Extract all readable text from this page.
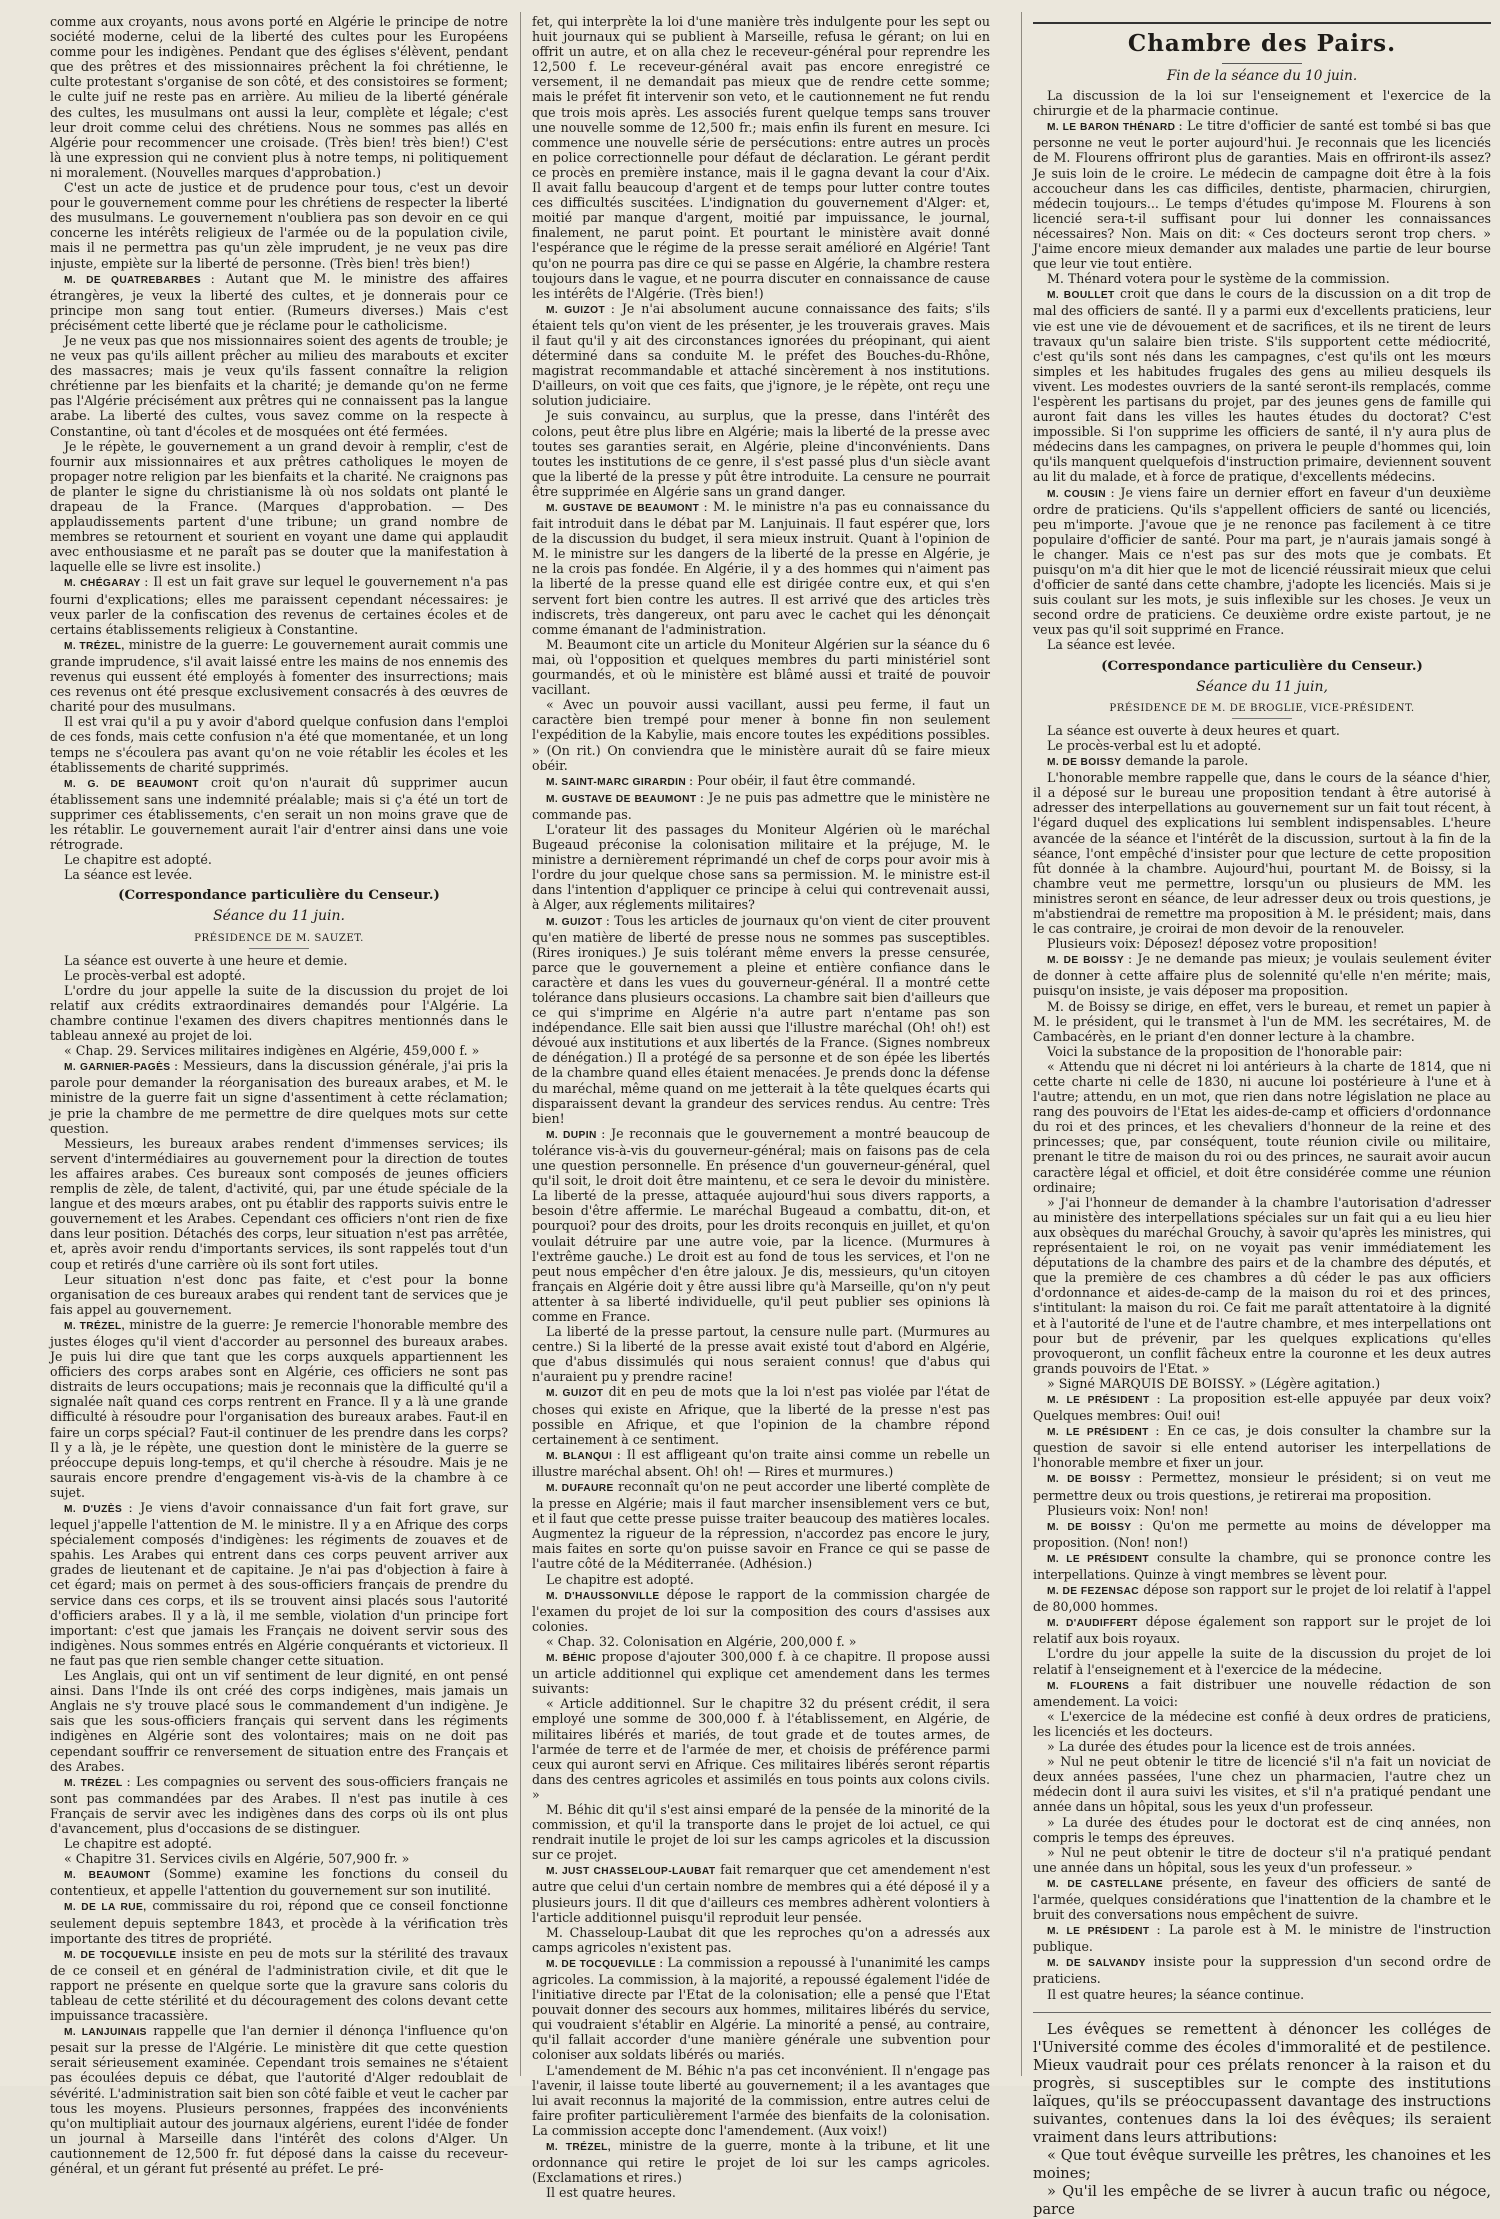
comme aux croyants, nous avons porté en Algérie le principe de notre société moderne, celui de la liberté des cultes pour les Européens comme pour les indigènes. Pendant que des églises s'élèvent, pendant que des prêtres et des missionnaires prêchent la foi chrétienne, le culte protestant s'organise de son côté, et des consistoires se forment; le culte juif ne reste pas en arrière. Au milieu de la liberté générale des cultes, les musulmans ont aussi la leur, complète et légale; c'est leur droit comme celui des chrétiens. Nous ne sommes pas allés en Algérie pour recommencer une croisade. (Très bien! très bien!) C'est là une expression qui ne convient plus à notre temps, ni politiquement ni moralement. (Nouvelles marques d'approbation.)

C'est un acte de justice et de prudence pour tous, c'est un devoir pour le gouvernement comme pour les chrétiens de respecter la liberté des musulmans. Le gouvernement n'oubliera pas son devoir en ce qui concerne les intérêts religieux de l'armée ou de la population civile, mais il ne permettra pas qu'un zèle imprudent, je ne veux pas dire injuste, empiète sur la liberté de personne. (Très bien! très bien!)

M. DE QUATREBARBES : Autant que M. le ministre des affaires étrangères, je veux la liberté des cultes, et je donnerais pour ce principe mon sang tout entier. (Rumeurs diverses.) Mais c'est précisément cette liberté que je réclame pour le catholicisme.

Je ne veux pas que nos missionnaires soient des agents de trouble; je ne veux pas qu'ils aillent prêcher au milieu des marabouts et exciter des massacres; mais je veux qu'ils fassent connaître la religion chrétienne par les bienfaits et la charité; je demande qu'on ne ferme pas l'Algérie précisément aux prêtres qui ne connaissent pas la langue arabe. La liberté des cultes, vous savez comme on la respecte à Constantine, où tant d'écoles et de mosquées ont été fermées.

Je le répète, le gouvernement a un grand devoir à remplir, c'est de fournir aux missionnaires et aux prêtres catholiques le moyen de propager notre religion par les bienfaits et la charité. Ne craignons pas de planter le signe du christianisme là où nos soldats ont planté le drapeau de la France. (Marques d'approbation. — Des applaudissements partent d'une tribune; un grand nombre de membres se retournent et sourient en voyant une dame qui applaudit avec enthousiasme et ne paraît pas se douter que la manifestation à laquelle elle se livre est insolite.)

M. CHÉGARAY : Il est un fait grave sur lequel le gouvernement n'a pas fourni d'explications; elles me paraissent cependant nécessaires: je veux parler de la confiscation des revenus de certaines écoles et de certains établissements religieux à Constantine.

M. TRÉZEL, ministre de la guerre: Le gouvernement aurait commis une grande imprudence, s'il avait laissé entre les mains de nos ennemis des revenus qui eussent été employés à fomenter des insurrections; mais ces revenus ont été presque exclusivement consacrés à des œuvres de charité pour des musulmans.

Il est vrai qu'il a pu y avoir d'abord quelque confusion dans l'emploi de ces fonds, mais cette confusion n'a été que momentanée, et un long temps ne s'écoulera pas avant qu'on ne voie rétablir les écoles et les établissements de charité supprimés.

M. G. DE BEAUMONT croit qu'on n'aurait dû supprimer aucun établissement sans une indemnité préalable; mais si ç'a été un tort de supprimer ces établissements, c'en serait un non moins grave que de les rétablir. Le gouvernement aurait l'air d'entrer ainsi dans une voie rétrograde.

Le chapitre est adopté.

La séance est levée.

(Correspondance particulière du Censeur.)

Séance du 11 juin.

PRÉSIDENCE DE M. SAUZET.

La séance est ouverte à une heure et demie.

Le procès-verbal est adopté.

L'ordre du jour appelle la suite de la discussion du projet de loi relatif aux crédits extraordinaires demandés pour l'Algérie. La chambre continue l'examen des divers chapitres mentionnés dans le tableau annexé au projet de loi.

« Chap. 29. Services militaires indigènes en Algérie, 459,000 f. »

M. GARNIER-PAGÈS : Messieurs, dans la discussion générale, j'ai pris la parole pour demander la réorganisation des bureaux arabes, et M. le ministre de la guerre fait un signe d'assentiment à cette réclamation; je prie la chambre de me permettre de dire quelques mots sur cette question.

Messieurs, les bureaux arabes rendent d'immenses services; ils servent d'intermédiaires au gouvernement pour la direction de toutes les affaires arabes. Ces bureaux sont composés de jeunes officiers remplis de zèle, de talent, d'activité, qui, par une étude spéciale de la langue et des mœurs arabes, ont pu établir des rapports suivis entre le gouvernement et les Arabes. Cependant ces officiers n'ont rien de fixe dans leur position. Détachés des corps, leur situation n'est pas arrêtée, et, après avoir rendu d'importants services, ils sont rappelés tout d'un coup et retirés d'une carrière où ils sont fort utiles.

Leur situation n'est donc pas faite, et c'est pour la bonne organisation de ces bureaux arabes qui rendent tant de services que je fais appel au gouvernement.

M. TRÉZEL, ministre de la guerre: Je remercie l'honorable membre des justes éloges qu'il vient d'accorder au personnel des bureaux arabes. Je puis lui dire que tant que les corps auxquels appartiennent les officiers des corps arabes sont en Algérie, ces officiers ne sont pas distraits de leurs occupations; mais je reconnais que la difficulté qu'il a signalée naît quand ces corps rentrent en France. Il y a là une grande difficulté à résoudre pour l'organisation des bureaux arabes. Faut-il en faire un corps spécial? Faut-il continuer de les prendre dans les corps? Il y a là, je le répète, une question dont le ministère de la guerre se préoccupe depuis long-temps, et qu'il cherche à résoudre. Mais je ne saurais encore prendre d'engagement vis-à-vis de la chambre à ce sujet.

M. D'UZÈS : Je viens d'avoir connaissance d'un fait fort grave, sur lequel j'appelle l'attention de M. le ministre. Il y a en Afrique des corps spécialement composés d'indigènes: les régiments de zouaves et de spahis. Les Arabes qui entrent dans ces corps peuvent arriver aux grades de lieutenant et de capitaine. Je n'ai pas d'objection à faire à cet égard; mais on permet à des sous-officiers français de prendre du service dans ces corps, et ils se trouvent ainsi placés sous l'autorité d'officiers arabes. Il y a là, il me semble, violation d'un principe fort important: c'est que jamais les Français ne doivent servir sous des indigènes. Nous sommes entrés en Algérie conquérants et victorieux. Il ne faut pas que rien semble changer cette situation.

Les Anglais, qui ont un vif sentiment de leur dignité, en ont pensé ainsi. Dans l'Inde ils ont créé des corps indigènes, mais jamais un Anglais ne s'y trouve placé sous le commandement d'un indigène. Je sais que les sous-officiers français qui servent dans les régiments indigènes en Algérie sont des volontaires; mais on ne doit pas cependant souffrir ce renversement de situation entre des Français et des Arabes.

M. TRÉZEL : Les compagnies ou servent des sous-officiers français ne sont pas commandées par des Arabes. Il n'est pas inutile à ces Français de servir avec les indigènes dans des corps où ils ont plus d'avancement, plus d'occasions de se distinguer.

Le chapitre est adopté.

« Chapitre 31. Services civils en Algérie, 507,900 fr. »

M. BEAUMONT (Somme) examine les fonctions du conseil du contentieux, et appelle l'attention du gouvernement sur son inutilité.

M. DE LA RUE, commissaire du roi, répond que ce conseil fonctionne seulement depuis septembre 1843, et procède à la vérification très importante des titres de propriété.

M. DE TOCQUEVILLE insiste en peu de mots sur la stérilité des travaux de ce conseil et en général de l'administration civile, et dit que le rapport ne présente en quelque sorte que la gravure sans coloris du tableau de cette stérilité et du découragement des colons devant cette impuissance tracassière.

M. LANJUINAIS rappelle que l'an dernier il dénonça l'influence qu'on pesait sur la presse de l'Algérie. Le ministère dit que cette question serait sérieusement examinée. Cependant trois semaines ne s'étaient pas écoulées depuis ce débat, que l'autorité d'Alger redoublait de sévérité. L'administration sait bien son côté faible et veut le cacher par tous les moyens. Plusieurs personnes, frappées des inconvénients qu'on multipliait autour des journaux algériens, eurent l'idée de fonder un journal à Marseille dans l'intérêt des colons d'Alger. Un cautionnement de 12,500 fr. fut déposé dans la caisse du receveur-général, et un gérant fut présenté au préfet. Le pré-

fet, qui interprète la loi d'une manière très indulgente pour les sept ou huit journaux qui se publient à Marseille, refusa le gérant; on lui en offrit un autre, et on alla chez le receveur-général pour reprendre les 12,500 f. Le receveur-général avait pas encore enregistré ce versement, il ne demandait pas mieux que de rendre cette somme; mais le préfet fit intervenir son veto, et le cautionnement ne fut rendu que trois mois après. Les associés furent quelque temps sans trouver une nouvelle somme de 12,500 fr.; mais enfin ils furent en mesure. Ici commence une nouvelle série de persécutions: entre autres un procès en police correctionnelle pour défaut de déclaration. Le gérant perdit ce procès en première instance, mais il le gagna devant la cour d'Aix. Il avait fallu beaucoup d'argent et de temps pour lutter contre toutes ces difficultés suscitées. L'indignation du gouvernement d'Alger: et, moitié par manque d'argent, moitié par impuissance, le journal, finalement, ne parut point. Et pourtant le ministère avait donné l'espérance que le régime de la presse serait amélioré en Algérie! Tant qu'on ne pourra pas dire ce qui se passe en Algérie, la chambre restera toujours dans le vague, et ne pourra discuter en connaissance de cause les intérêts de l'Algérie. (Très bien!)

M. GUIZOT : Je n'ai absolument aucune connaissance des faits; s'ils étaient tels qu'on vient de les présenter, je les trouverais graves. Mais il faut qu'il y ait des circonstances ignorées du préopinant, qui aient déterminé dans sa conduite M. le préfet des Bouches-du-Rhône, magistrat recommandable et attaché sincèrement à nos institutions. D'ailleurs, on voit que ces faits, que j'ignore, je le répète, ont reçu une solution judiciaire.

Je suis convaincu, au surplus, que la presse, dans l'intérêt des colons, peut être plus libre en Algérie; mais la liberté de la presse avec toutes ses garanties serait, en Algérie, pleine d'inconvénients. Dans toutes les institutions de ce genre, il s'est passé plus d'un siècle avant que la liberté de la presse y pût être introduite. La censure ne pourrait être supprimée en Algérie sans un grand danger.

M. GUSTAVE DE BEAUMONT : M. le ministre n'a pas eu connaissance du fait introduit dans le débat par M. Lanjuinais. Il faut espérer que, lors de la discussion du budget, il sera mieux instruit. Quant à l'opinion de M. le ministre sur les dangers de la liberté de la presse en Algérie, je ne la crois pas fondée. En Algérie, il y a des hommes qui n'aiment pas la liberté de la presse quand elle est dirigée contre eux, et qui s'en servent fort bien contre les autres. Il est arrivé que des articles très indiscrets, très dangereux, ont paru avec le cachet qui les dénonçait comme émanant de l'administration.

M. Beaumont cite un article du Moniteur Algérien sur la séance du 6 mai, où l'opposition et quelques membres du parti ministériel sont gourmandés, et où le ministère est blâmé aussi et traité de pouvoir vacillant.

« Avec un pouvoir aussi vacillant, aussi peu ferme, il faut un caractère bien trempé pour mener à bonne fin non seulement l'expédition de la Kabylie, mais encore toutes les expéditions possibles. » (On rit.) On conviendra que le ministère aurait dû se faire mieux obéir.

M. SAINT-MARC GIRARDIN : Pour obéir, il faut être commandé.

M. GUSTAVE DE BEAUMONT : Je ne puis pas admettre que le ministère ne commande pas.

L'orateur lit des passages du Moniteur Algérien où le maréchal Bugeaud préconise la colonisation militaire et la préjuge, M. le ministre a dernièrement réprimandé un chef de corps pour avoir mis à l'ordre du jour quelque chose sans sa permission. M. le ministre est-il dans l'intention d'appliquer ce principe à celui qui contrevenait aussi, à Alger, aux réglements militaires?

M. GUIZOT : Tous les articles de journaux qu'on vient de citer prouvent qu'en matière de liberté de presse nous ne sommes pas susceptibles. (Rires ironiques.) Je suis tolérant même envers la presse censurée, parce que le gouvernement a pleine et entière confiance dans le caractère et dans les vues du gouverneur-général. Il a montré cette tolérance dans plusieurs occasions. La chambre sait bien d'ailleurs que ce qui s'imprime en Algérie n'a autre part n'entame pas son indépendance. Elle sait bien aussi que l'illustre maréchal (Oh! oh!) est dévoué aux institutions et aux libertés de la France. (Signes nombreux de dénégation.) Il a protégé de sa personne et de son épée les libertés de la chambre quand elles étaient menacées. Je prends donc la défense du maréchal, même quand on me jetterait à la tête quelques écarts qui disparaissent devant la grandeur des services rendus. Au centre: Très bien!

M. DUPIN : Je reconnais que le gouvernement a montré beaucoup de tolérance vis-à-vis du gouverneur-général; mais on faisons pas de cela une question personnelle. En présence d'un gouverneur-général, quel qu'il soit, le droit doit être maintenu, et ce sera le devoir du ministère. La liberté de la presse, attaquée aujourd'hui sous divers rapports, a besoin d'être affermie. Le maréchal Bugeaud a combattu, dit-on, et pourquoi? pour des droits, pour les droits reconquis en juillet, et qu'on voulait détruire par une autre voie, par la licence. (Murmures à l'extrême gauche.) Le droit est au fond de tous les services, et l'on ne peut nous empêcher d'en être jaloux. Je dis, messieurs, qu'un citoyen français en Algérie doit y être aussi libre qu'à Marseille, qu'on n'y peut attenter à sa liberté individuelle, qu'il peut publier ses opinions là comme en France.

La liberté de la presse partout, la censure nulle part. (Murmures au centre.) Si la liberté de la presse avait existé tout d'abord en Algérie, que d'abus dissimulés qui nous seraient connus! que d'abus qui n'auraient pu y prendre racine!

M. GUIZOT dit en peu de mots que la loi n'est pas violée par l'état de choses qui existe en Afrique, que la liberté de la presse n'est pas possible en Afrique, et que l'opinion de la chambre répond certainement à ce sentiment.

M. BLANQUI : Il est affligeant qu'on traite ainsi comme un rebelle un illustre maréchal absent. Oh! oh! — Rires et murmures.)

M. DUFAURE reconnaît qu'on ne peut accorder une liberté complète de la presse en Algérie; mais il faut marcher insensiblement vers ce but, et il faut que cette presse puisse traiter beaucoup des matières locales. Augmentez la rigueur de la répression, n'accordez pas encore le jury, mais faites en sorte qu'on puisse savoir en France ce qui se passe de l'autre côté de la Méditerranée. (Adhésion.)

Le chapitre est adopté.

M. D'HAUSSONVILLE dépose le rapport de la commission chargée de l'examen du projet de loi sur la composition des cours d'assises aux colonies.

« Chap. 32. Colonisation en Algérie, 200,000 f. »

M. BÉHIC propose d'ajouter 300,000 f. à ce chapitre. Il propose aussi un article additionnel qui explique cet amendement dans les termes suivants:

« Article additionnel. Sur le chapitre 32 du présent crédit, il sera employé une somme de 300,000 f. à l'établissement, en Algérie, de militaires libérés et mariés, de tout grade et de toutes armes, de l'armée de terre et de l'armée de mer, et choisis de préférence parmi ceux qui auront servi en Afrique. Ces militaires libérés seront répartis dans des centres agricoles et assimilés en tous points aux colons civils. »

M. Béhic dit qu'il s'est ainsi emparé de la pensée de la minorité de la commission, et qu'il la transporte dans le projet de loi actuel, ce qui rendrait inutile le projet de loi sur les camps agricoles et la discussion sur ce projet.

M. JUST CHASSELOUP-LAUBAT fait remarquer que cet amendement n'est autre que celui d'un certain nombre de membres qui a été déposé il y a plusieurs jours. Il dit que d'ailleurs ces membres adhèrent volontiers à l'article additionnel puisqu'il reproduit leur pensée.

M. Chasseloup-Laubat dit que les reproches qu'on a adressés aux camps agricoles n'existent pas.

M. DE TOCQUEVILLE : La commission a repoussé à l'unanimité les camps agricoles. La commission, à la majorité, a repoussé également l'idée de l'initiative directe par l'Etat de la colonisation; elle a pensé que l'Etat pouvait donner des secours aux hommes, militaires libérés du service, qui voudraient s'établir en Algérie. La minorité a pensé, au contraire, qu'il fallait accorder d'une manière générale une subvention pour coloniser aux soldats libérés ou mariés.

L'amendement de M. Béhic n'a pas cet inconvénient. Il n'engage pas l'avenir, il laisse toute liberté au gouvernement; il a les avantages que lui avait reconnus la majorité de la commission, entre autres celui de faire profiter particulièrement l'armée des bienfaits de la colonisation. La commission accepte donc l'amendement. (Aux voix!)

M. TRÉZEL, ministre de la guerre, monte à la tribune, et lit une ordonnance qui retire le projet de loi sur les camps agricoles. (Exclamations et rires.)

Il est quatre heures.

Chambre des Pairs.
Fin de la séance du 10 juin.

La discussion de la loi sur l'enseignement et l'exercice de la chirurgie et de la pharmacie continue.

M. LE BARON THÉNARD : Le titre d'officier de santé est tombé si bas que personne ne veut le porter aujourd'hui. Je reconnais que les licenciés de M. Flourens offriront plus de garanties. Mais en offriront-ils assez? Je suis loin de le croire. Le médecin de campagne doit être à la fois accoucheur dans les cas difficiles, dentiste, pharmacien, chirurgien, médecin toujours... Le temps d'études qu'impose M. Flourens à son licencié sera-t-il suffisant pour lui donner les connaissances nécessaires? Non. Mais on dit: « Ces docteurs seront trop chers. » J'aime encore mieux demander aux malades une partie de leur bourse que leur vie tout entière.

M. Thénard votera pour le système de la commission.

M. BOULLET croit que dans le cours de la discussion on a dit trop de mal des officiers de santé. Il y a parmi eux d'excellents praticiens, leur vie est une vie de dévouement et de sacrifices, et ils ne tirent de leurs travaux qu'un salaire bien triste. S'ils supportent cette médiocrité, c'est qu'ils sont nés dans les campagnes, c'est qu'ils ont les mœurs simples et les habitudes frugales des gens au milieu desquels ils vivent. Les modestes ouvriers de la santé seront-ils remplacés, comme l'espèrent les partisans du projet, par des jeunes gens de famille qui auront fait dans les villes les hautes études du doctorat? C'est impossible. Si l'on supprime les officiers de santé, il n'y aura plus de médecins dans les campagnes, on privera le peuple d'hommes qui, loin qu'ils manquent quelquefois d'instruction primaire, deviennent souvent au lit du malade, et à force de pratique, d'excellents médecins.

M. COUSIN : Je viens faire un dernier effort en faveur d'un deuxième ordre de praticiens. Qu'ils s'appellent officiers de santé ou licenciés, peu m'importe. J'avoue que je ne renonce pas facilement à ce titre populaire d'officier de santé. Pour ma part, je n'aurais jamais songé à le changer. Mais ce n'est pas sur des mots que je combats. Et puisqu'on m'a dit hier que le mot de licencié réussirait mieux que celui d'officier de santé dans cette chambre, j'adopte les licenciés. Mais si je suis coulant sur les mots, je suis inflexible sur les choses. Je veux un second ordre de praticiens. Ce deuxième ordre existe partout, je ne veux pas qu'il soit supprimé en France.

La séance est levée.

(Correspondance particulière du Censeur.)

Séance du 11 juin,

PRÉSIDENCE DE M. DE BROGLIE, VICE-PRÉSIDENT.

La séance est ouverte à deux heures et quart.

Le procès-verbal est lu et adopté.

M. DE BOISSY demande la parole.

L'honorable membre rappelle que, dans le cours de la séance d'hier, il a déposé sur le bureau une proposition tendant à être autorisé à adresser des interpellations au gouvernement sur un fait tout récent, à l'égard duquel des explications lui semblent indispensables. L'heure avancée de la séance et l'intérêt de la discussion, surtout à la fin de la séance, l'ont empêché d'insister pour que lecture de cette proposition fût donnée à la chambre. Aujourd'hui, pourtant M. de Boissy, si la chambre veut me permettre, lorsqu'un ou plusieurs de MM. les ministres seront en séance, de leur adresser deux ou trois questions, je m'abstiendrai de remettre ma proposition à M. le président; mais, dans le cas contraire, je croirai de mon devoir de la renouveler.

Plusieurs voix: Déposez! déposez votre proposition!

M. DE BOISSY : Je ne demande pas mieux; je voulais seulement éviter de donner à cette affaire plus de solennité qu'elle n'en mérite; mais, puisqu'on insiste, je vais déposer ma proposition.

M. de Boissy se dirige, en effet, vers le bureau, et remet un papier à M. le président, qui le transmet à l'un de MM. les secrétaires, M. de Cambacérès, en le priant d'en donner lecture à la chambre.

Voici la substance de la proposition de l'honorable pair:

« Attendu que ni décret ni loi antérieurs à la charte de 1814, que ni cette charte ni celle de 1830, ni aucune loi postérieure à l'une et à l'autre; attendu, en un mot, que rien dans notre législation ne place au rang des pouvoirs de l'Etat les aides-de-camp et officiers d'ordonnance du roi et des princes, et les chevaliers d'honneur de la reine et des princesses; que, par conséquent, toute réunion civile ou militaire, prenant le titre de maison du roi ou des princes, ne saurait avoir aucun caractère légal et officiel, et doit être considérée comme une réunion ordinaire;

» J'ai l'honneur de demander à la chambre l'autorisation d'adresser au ministère des interpellations spéciales sur un fait qui a eu lieu hier aux obsèques du maréchal Grouchy, à savoir qu'après les ministres, qui représentaient le roi, on ne voyait pas venir immédiatement les députations de la chambre des pairs et de la chambre des députés, et que la première de ces chambres a dû céder le pas aux officiers d'ordonnance et aides-de-camp de la maison du roi et des princes, s'intitulant: la maison du roi. Ce fait me paraît attentatoire à la dignité et à l'autorité de l'une et de l'autre chambre, et mes interpellations ont pour but de prévenir, par les quelques explications qu'elles provoqueront, un conflit fâcheux entre la couronne et les deux autres grands pouvoirs de l'Etat. »

» Signé MARQUIS DE BOISSY. » (Légère agitation.)

M. LE PRÉSIDENT : La proposition est-elle appuyée par deux voix? Quelques membres: Oui! oui!

M. LE PRÉSIDENT : En ce cas, je dois consulter la chambre sur la question de savoir si elle entend autoriser les interpellations de l'honorable membre et fixer un jour.

M. DE BOISSY : Permettez, monsieur le président; si on veut me permettre deux ou trois questions, je retirerai ma proposition.

Plusieurs voix: Non! non!

M. DE BOISSY : Qu'on me permette au moins de développer ma proposition. (Non! non!)

M. LE PRÉSIDENT consulte la chambre, qui se prononce contre les interpellations. Quinze à vingt membres se lèvent pour.

M. DE FEZENSAC dépose son rapport sur le projet de loi relatif à l'appel de 80,000 hommes.

M. D'AUDIFFERT dépose également son rapport sur le projet de loi relatif aux bois royaux.

L'ordre du jour appelle la suite de la discussion du projet de loi relatif à l'enseignement et à l'exercice de la médecine.

M. FLOURENS a fait distribuer une nouvelle rédaction de son amendement. La voici:

« L'exercice de la médecine est confié à deux ordres de praticiens, les licenciés et les docteurs.

» La durée des études pour la licence est de trois années.

» Nul ne peut obtenir le titre de licencié s'il n'a fait un noviciat de deux années passées, l'une chez un pharmacien, l'autre chez un médecin dont il aura suivi les visites, et s'il n'a pratiqué pendant une année dans un hôpital, sous les yeux d'un professeur.

» La durée des études pour le doctorat est de cinq années, non compris le temps des épreuves.

» Nul ne peut obtenir le titre de docteur s'il n'a pratiqué pendant une année dans un hôpital, sous les yeux d'un professeur. »

M. DE CASTELLANE présente, en faveur des officiers de santé de l'armée, quelques considérations que l'inattention de la chambre et le bruit des conversations nous empêchent de suivre.

M. LE PRÉSIDENT : La parole est à M. le ministre de l'instruction publique.

M. DE SALVANDY insiste pour la suppression d'un second ordre de praticiens.

Il est quatre heures; la séance continue.

Les évêques se remettent à dénoncer les colléges de l'Université comme des écoles d'immoralité et de pestilence. Mieux vaudrait pour ces prélats renoncer à la raison et du progrès, si susceptibles sur le compte des institutions laïques, qu'ils se préoccupassent davantage des instructions suivantes, contenues dans la loi des évêques; ils seraient vraiment dans leurs attributions:

« Que tout évêque surveille les prêtres, les chanoines et les moines;

» Qu'il les empêche de se livrer à aucun trafic ou négoce, parce
